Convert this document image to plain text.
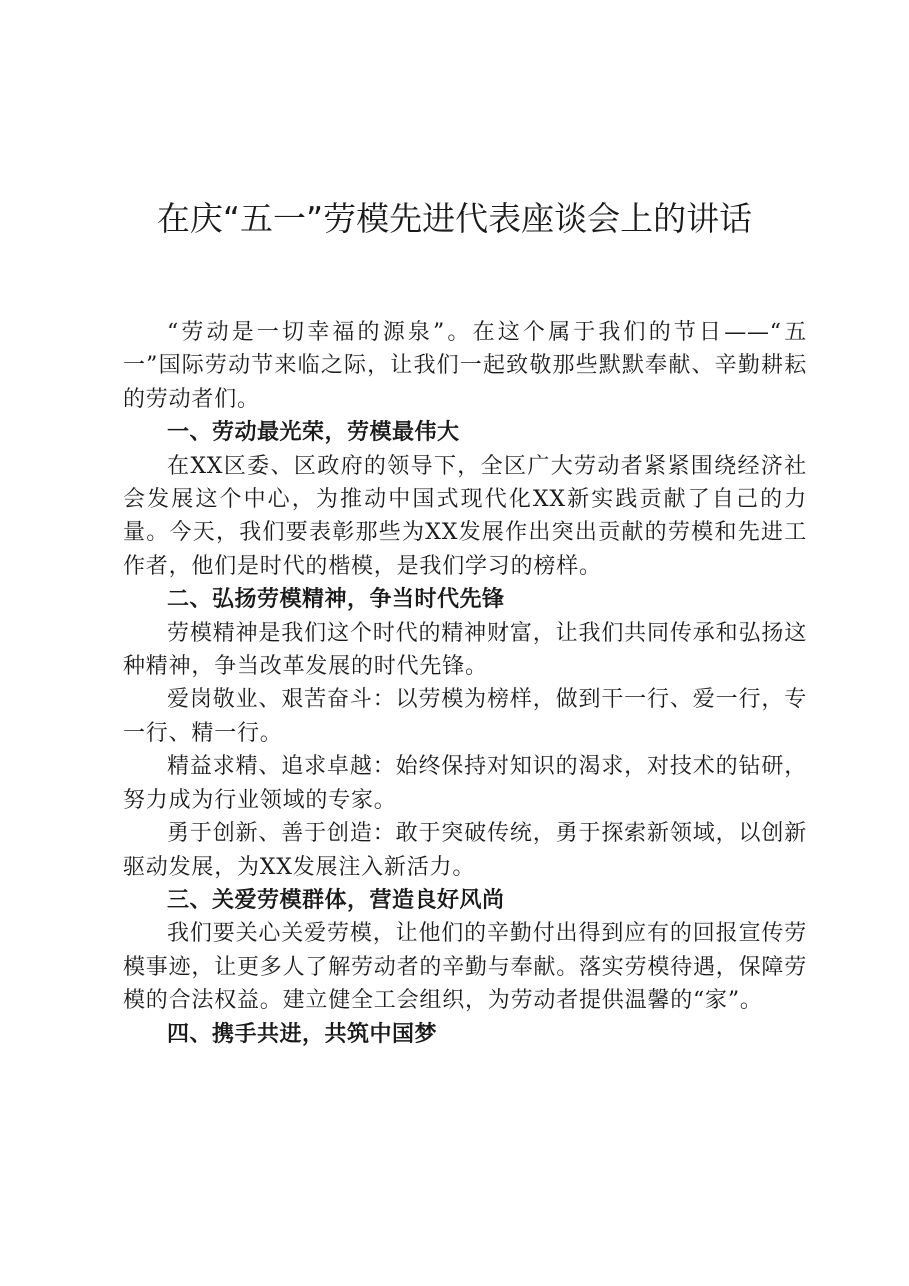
在庆“五一”劳模先进代表座谈会上的讲话

“劳动是一切幸福的源泉”。在这个属于我们的节日——“五一”国际劳动节来临之际，让我们一起致敬那些默默奉献、辛勤耕耘的劳动者们。

一、劳动最光荣，劳模最伟大

在XX区委、区政府的领导下，全区广大劳动者紧紧围绕经济社会发展这个中心，为推动中国式现代化XX新实践贡献了自己的力量。今天，我们要表彰那些为XX发展作出突出贡献的劳模和先进工作者，他们是时代的楷模，是我们学习的榜样。

二、弘扬劳模精神，争当时代先锋

劳模精神是我们这个时代的精神财富，让我们共同传承和弘扬这种精神，争当改革发展的时代先锋。

爱岗敬业、艰苦奋斗：以劳模为榜样，做到干一行、爱一行，专一行、精一行。

精益求精、追求卓越：始终保持对知识的渴求，对技术的钻研，努力成为行业领域的专家。

勇于创新、善于创造：敢于突破传统，勇于探索新领域，以创新驱动发展，为XX发展注入新活力。

三、关爱劳模群体，营造良好风尚

我们要关心关爱劳模，让他们的辛勤付出得到应有的回报宣传劳模事迹，让更多人了解劳动者的辛勤与奉献。落实劳模待遇，保障劳模的合法权益。建立健全工会组织，为劳动者提供温馨的“家”。

四、携手共进，共筑中国梦
